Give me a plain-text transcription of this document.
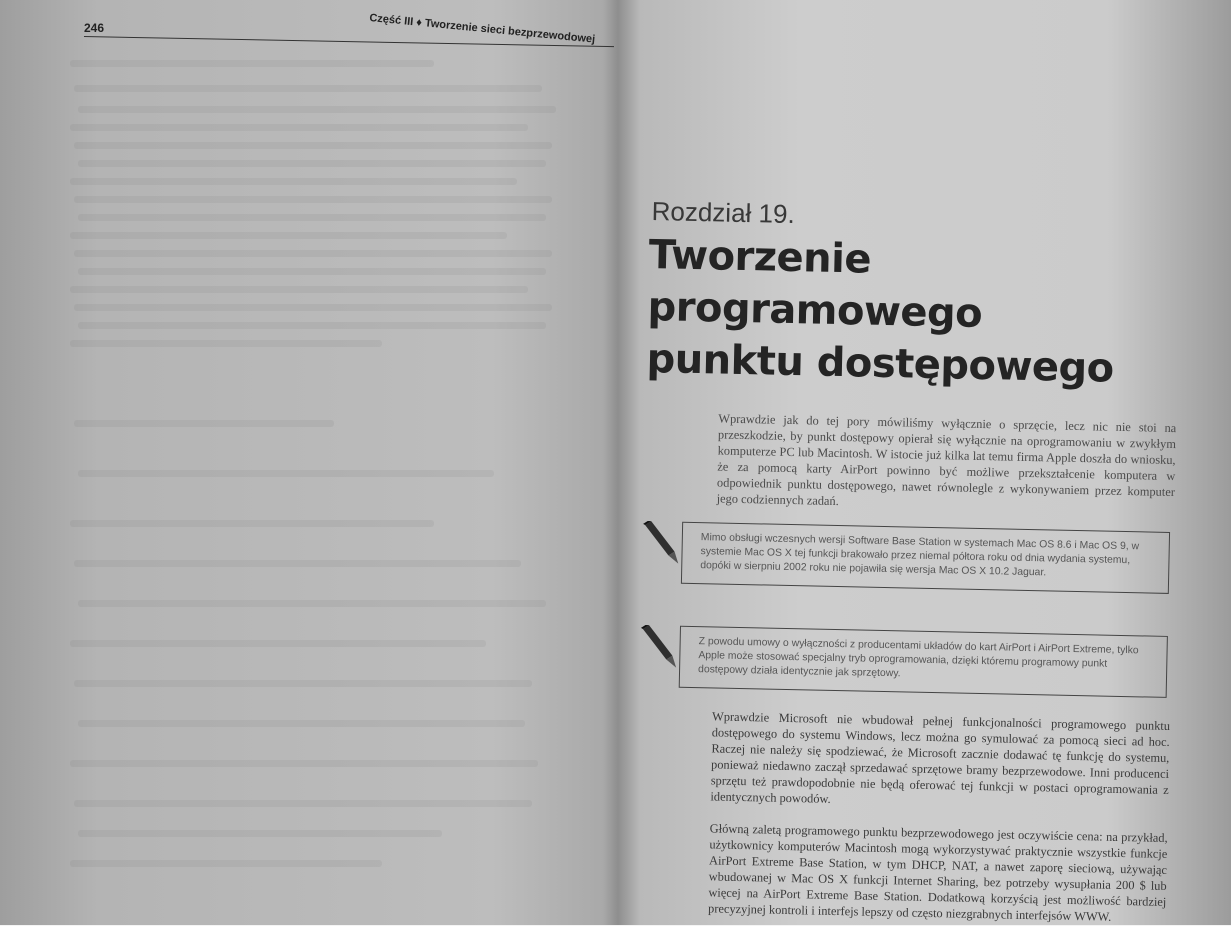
246	Część III ♦ Tworzenie sieci bezprzewodowej
Rozdział 19.
Tworzenie programowego
punktu dostępowego

Wprawdzie jak do tej pory mówiliśmy wyłącznie o sprzęcie, lecz nic nie stoi na przeszkodzie, by punkt dostępowy opierał się wyłącznie na oprogramowaniu w zwykłym komputerze PC lub Macintosh. W istocie już kilka lat temu firma Apple doszła do wniosku, że za pomocą karty AirPort powinno być możliwe przekształcenie komputera w odpowiednik punktu dostępowego, nawet równolegle z wykonywaniem przez komputer jego codziennych zadań.

Mimo obsługi wczesnych wersji Software Base Station w systemach Mac OS 8.6 i Mac OS 9, w systemie Mac OS X tej funkcji brakowało przez niemal półtora roku od dnia wydania systemu, dopóki w sierpniu 2002 roku nie pojawiła się wersja Mac OS X 10.2 Jaguar.
Z powodu umowy o wyłączności z producentami układów do kart AirPort i AirPort Extreme, tylko Apple może stosować specjalny tryb oprogramowania, dzięki któremu programowy punkt dostępowy działa identycznie jak sprzętowy.

Wprawdzie Microsoft nie wbudował pełnej funkcjonalności programowego punktu dostępowego do systemu Windows, lecz można go symulować za pomocą sieci ad hoc. Raczej nie należy się spodziewać, że Microsoft zacznie dodawać tę funkcję do systemu, ponieważ niedawno zaczął sprzedawać sprzętowe bramy bezprzewodowe. Inni producenci sprzętu też prawdopodobnie nie będą oferować tej funkcji w postaci oprogramowania z identycznych powodów.

Główną zaletą programowego punktu bezprzewodowego jest oczywiście cena: na przykład, użytkownicy komputerów Macintosh mogą wykorzystywać praktycznie wszystkie funkcje AirPort Extreme Base Station, w tym DHCP, NAT, a nawet zaporę sieciową, używając wbudowanej w Mac OS X funkcji Internet Sharing, bez potrzeby wysupłania 200 $ lub więcej na AirPort Extreme Base Station. Dodatkową korzyścią jest możliwość bardziej precyzyjnej kontroli i interfejs lepszy od często niezgrabnych interfejsów WWW.
